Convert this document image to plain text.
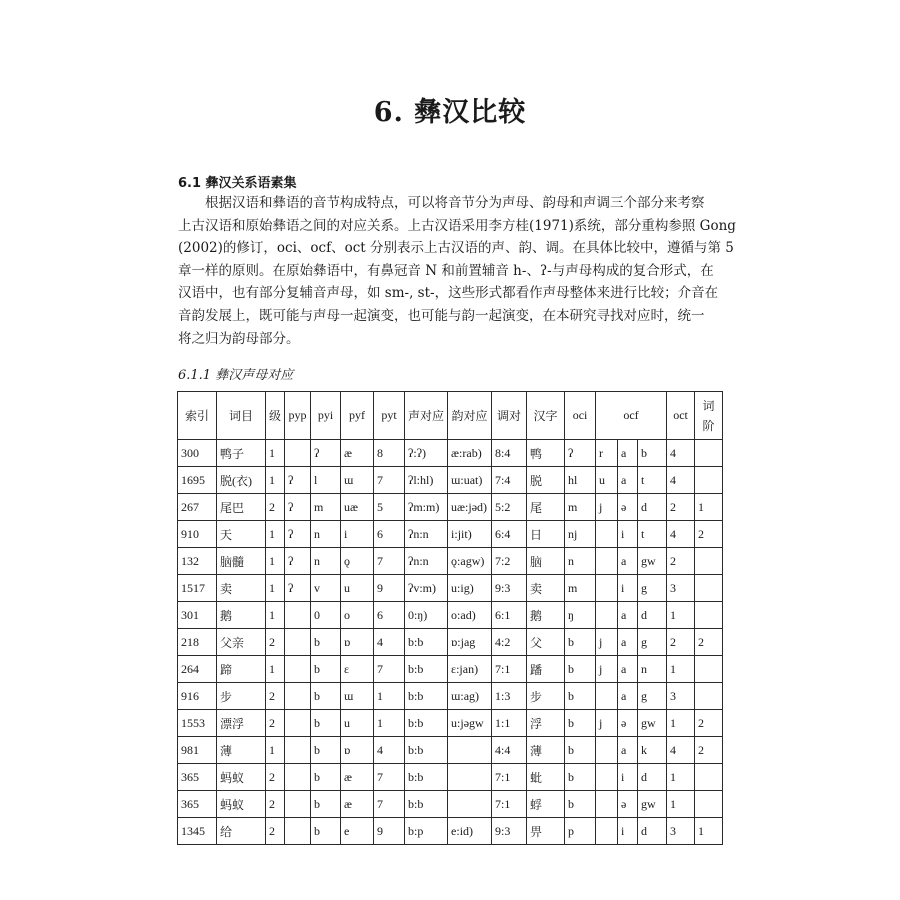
6. 彝汉比较
6.1 彝汉关系语素集
根据汉语和彝语的音节构成特点，可以将音节分为声母、韵母和声调三个部分来考察
上古汉语和原始彝语之间的对应关系。上古汉语采用李方桂(1971)系统，部分重构参照 Gong
(2002)的修订，oci、ocf、oct 分别表示上古汉语的声、韵、调。在具体比较中，遵循与第 5
章一样的原则。在原始彝语中，有鼻冠音 N 和前置辅音 h-、ʔ-与声母构成的复合形式，在
汉语中，也有部分复辅音声母，如 sm-, st-，这些形式都看作声母整体来进行比较；介音在
音韵发展上，既可能与声母一起演变，也可能与韵一起演变，在本研究寻找对应时，统一
将之归为韵母部分。
6.1.1 彝汉声母对应
索引	词目	级	pyp	pyi	pyf	pyt	声对应	韵对应	调对	汉字	oci	ocf			oct	词
阶
300	鸭子	1		ʔ	æ	8	ʔ:ʔ)	æ:rab)	8:4	鸭	ʔ	r	a	b	4	
1695	脱(衣)	1	ʔ	l	ɯ	7	ʔl:hl)	ɯ:uat)	7:4	脱	hl	u	a	t	4	
267	尾巴	2	ʔ	m	uæ	5	ʔm:m)	uæ:jəd)	5:2	尾	m	j	ə	d	2	1
910	天	1	ʔ	n	i	6	ʔn:n	i:jit)	6:4	日	nj		i	t	4	2
132	脑髓	1	ʔ	n	ǫ	7	ʔn:n	ǫ:agw)	7:2	脑	n		a	gw	2	
1517	卖	1	ʔ	v	u	9	ʔv:m)	u:ig)	9:3	卖	m		i	g	3	
301	鹅	1		0	o	6	0:ŋ)	o:ad)	6:1	鹅	ŋ		a	d	1	
218	父亲	2		b	ɒ	4	b:b	ɒ:jag	4:2	父	b	j	a	g	2	2
264	蹄	1		b	ɛ	7	b:b	ɛ:jan)	7:1	蹯	b	j	a	n	1	
916	步	2		b	ɯ	1	b:b	ɯ:ag)	1:3	步	b		a	g	3	
1553	漂浮	2		b	u	1	b:b	u:jəgw	1:1	浮	b	j	ə	gw	1	2
981	薄	1		b	ɒ	4	b:b		4:4	薄	b		a	k	4	2
365	蚂蚁	2		b	æ	7	b:b		7:1	蚍	b		i	d	1	
365	蚂蚁	2		b	æ	7	b:b		7:1	蜉	b		ə	gw	1	
1345	给	2		b	e	9	b:p	e:id)	9:3	畀	p		i	d	3	1
